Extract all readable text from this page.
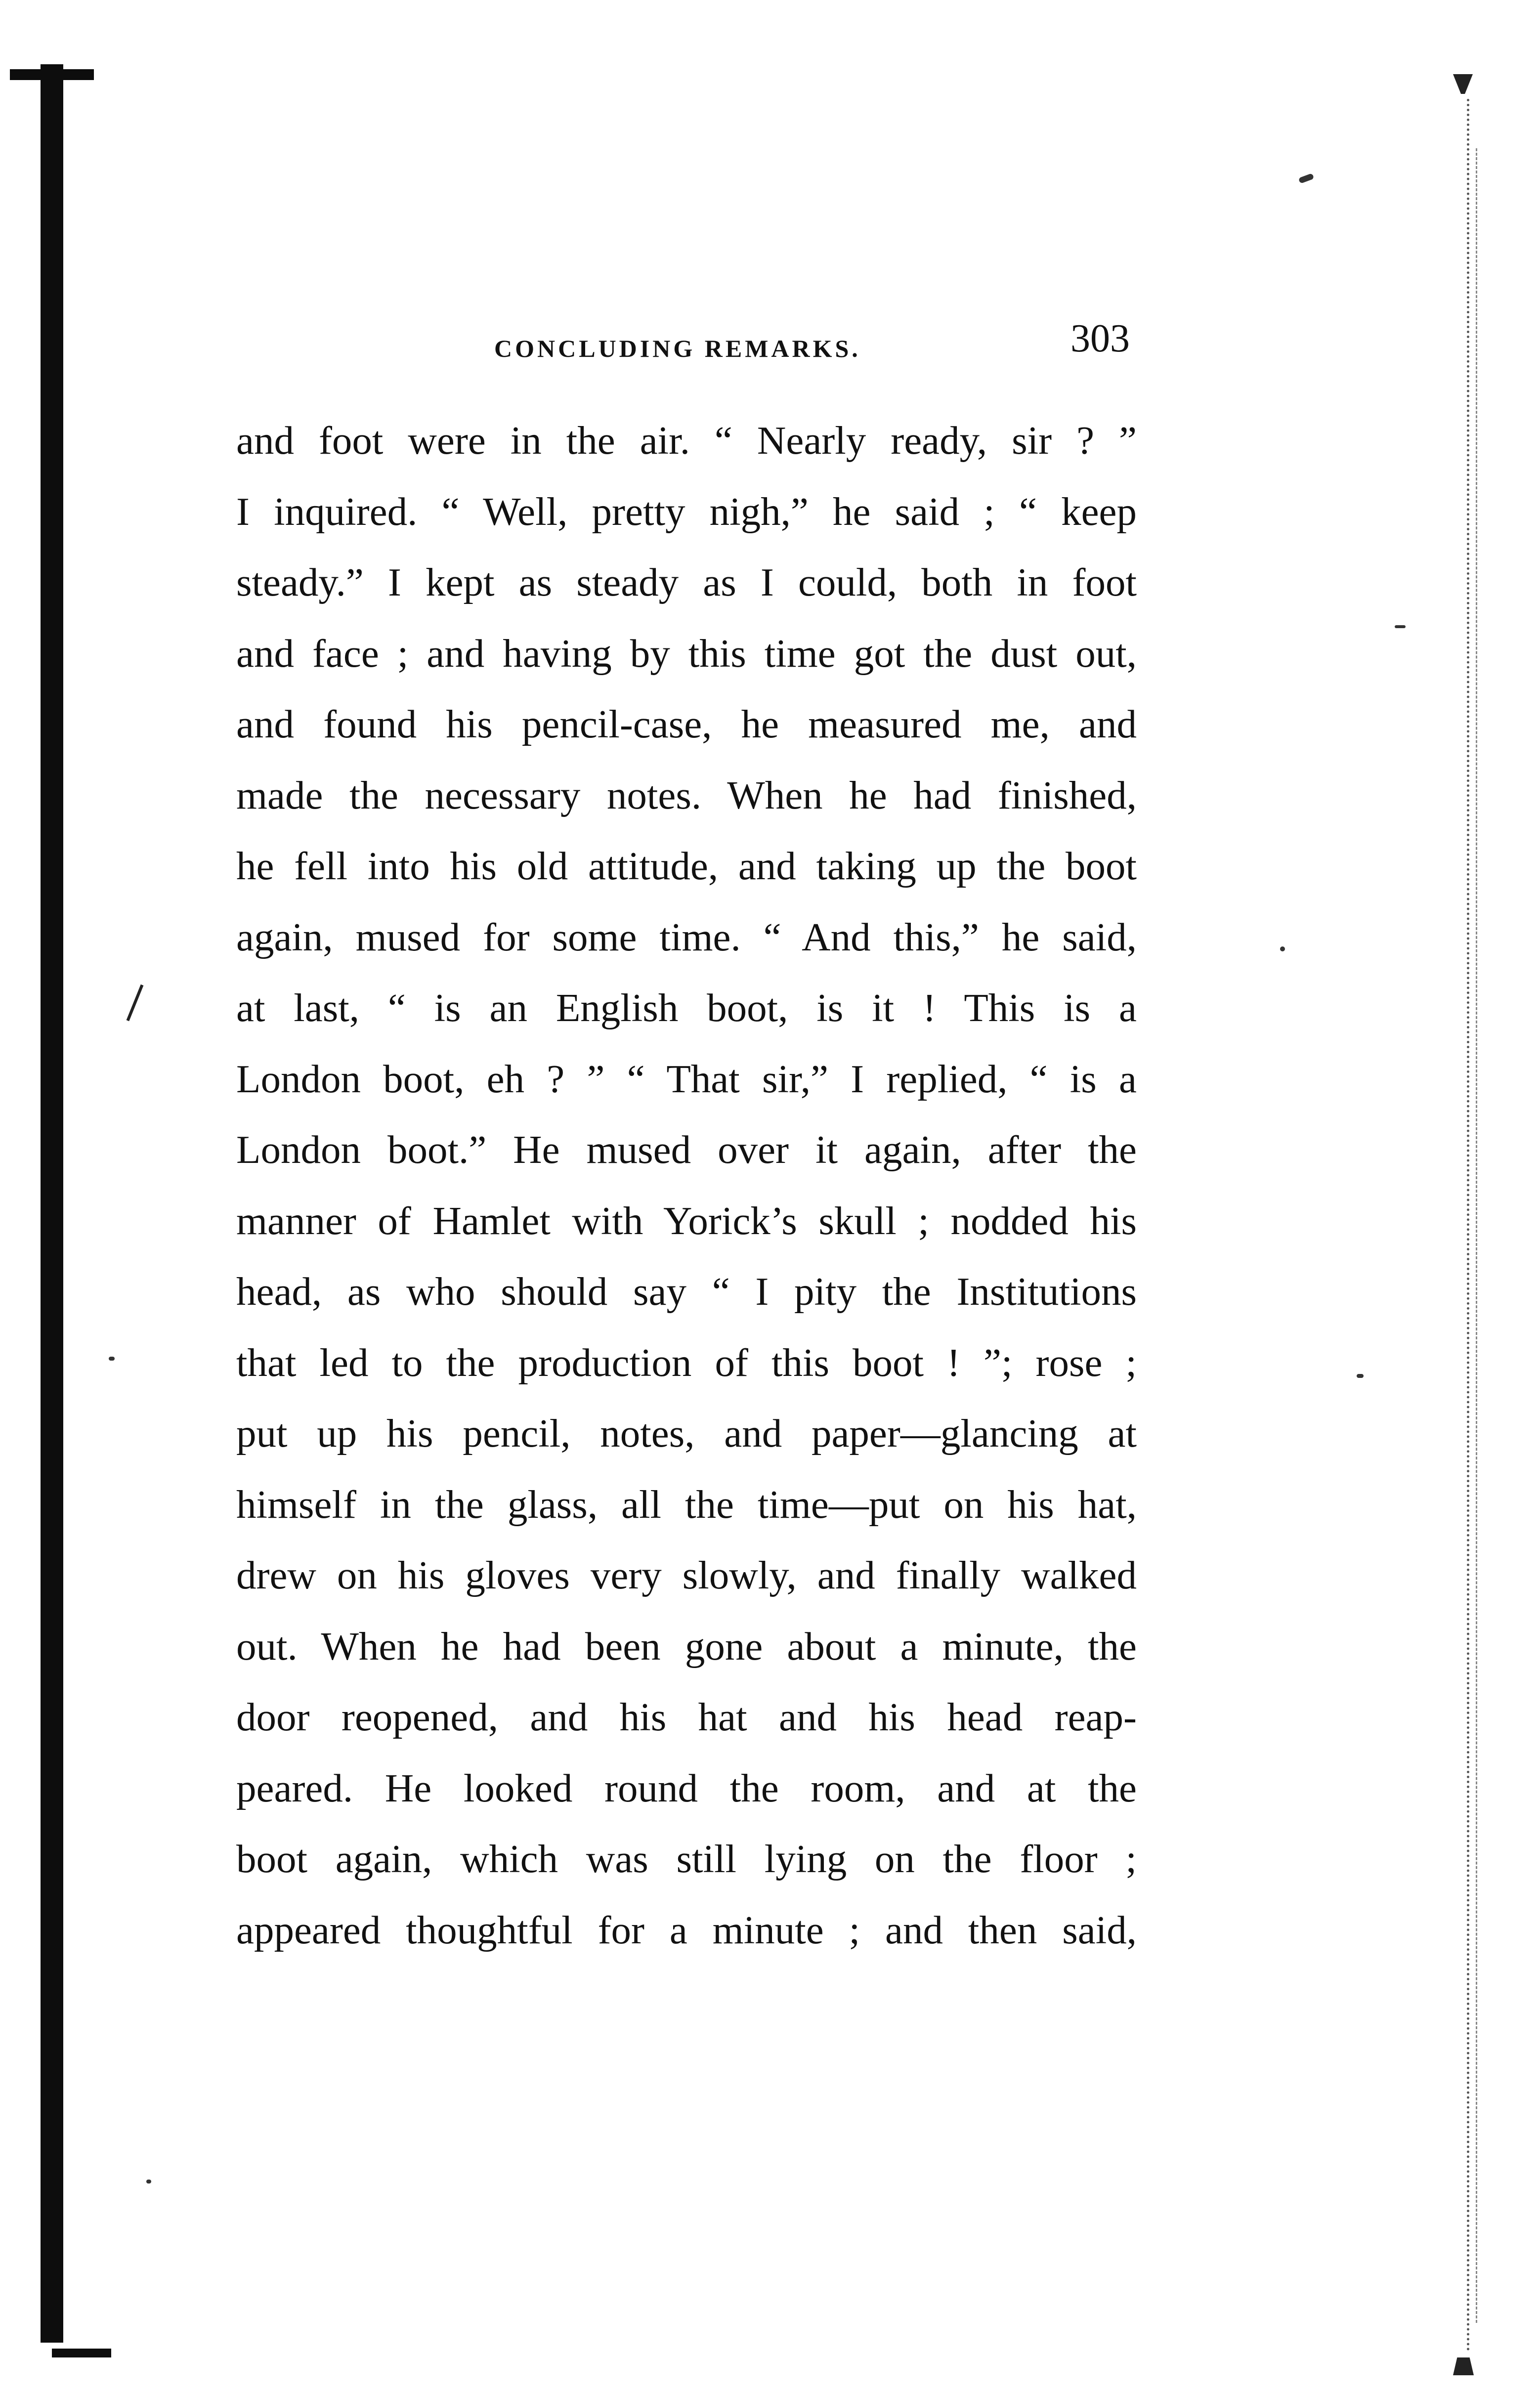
CONCLUDING REMARKS.	303
and foot were in the air. “ Nearly ready, sir ? ”
I inquired. “ Well, pretty nigh,” he said ; “ keep
steady.” I kept as steady as I could, both in foot
and face ; and having by this time got the dust out,
and found his pencil-case, he measured me, and
made the necessary notes. When he had finished,
he fell into his old attitude, and taking up the boot
again, mused for some time. “ And this,” he said,
at last, “ is an English boot, is it ! This is a
London boot, eh ? ” “ That sir,” I replied, “ is a
London boot.” He mused over it again, after the
manner of Hamlet with Yorick’s skull ; nodded his
head, as who should say “ I pity the Institutions
that led to the production of this boot ! ”; rose ;
put up his pencil, notes, and paper—glancing at
himself in the glass, all the time—put on his hat,
drew on his gloves very slowly, and finally walked
out. When he had been gone about a minute, the
door reopened, and his hat and his head reap-
peared. He looked round the room, and at the
boot again, which was still lying on the floor ;
appeared thoughtful for a minute ; and then said,
